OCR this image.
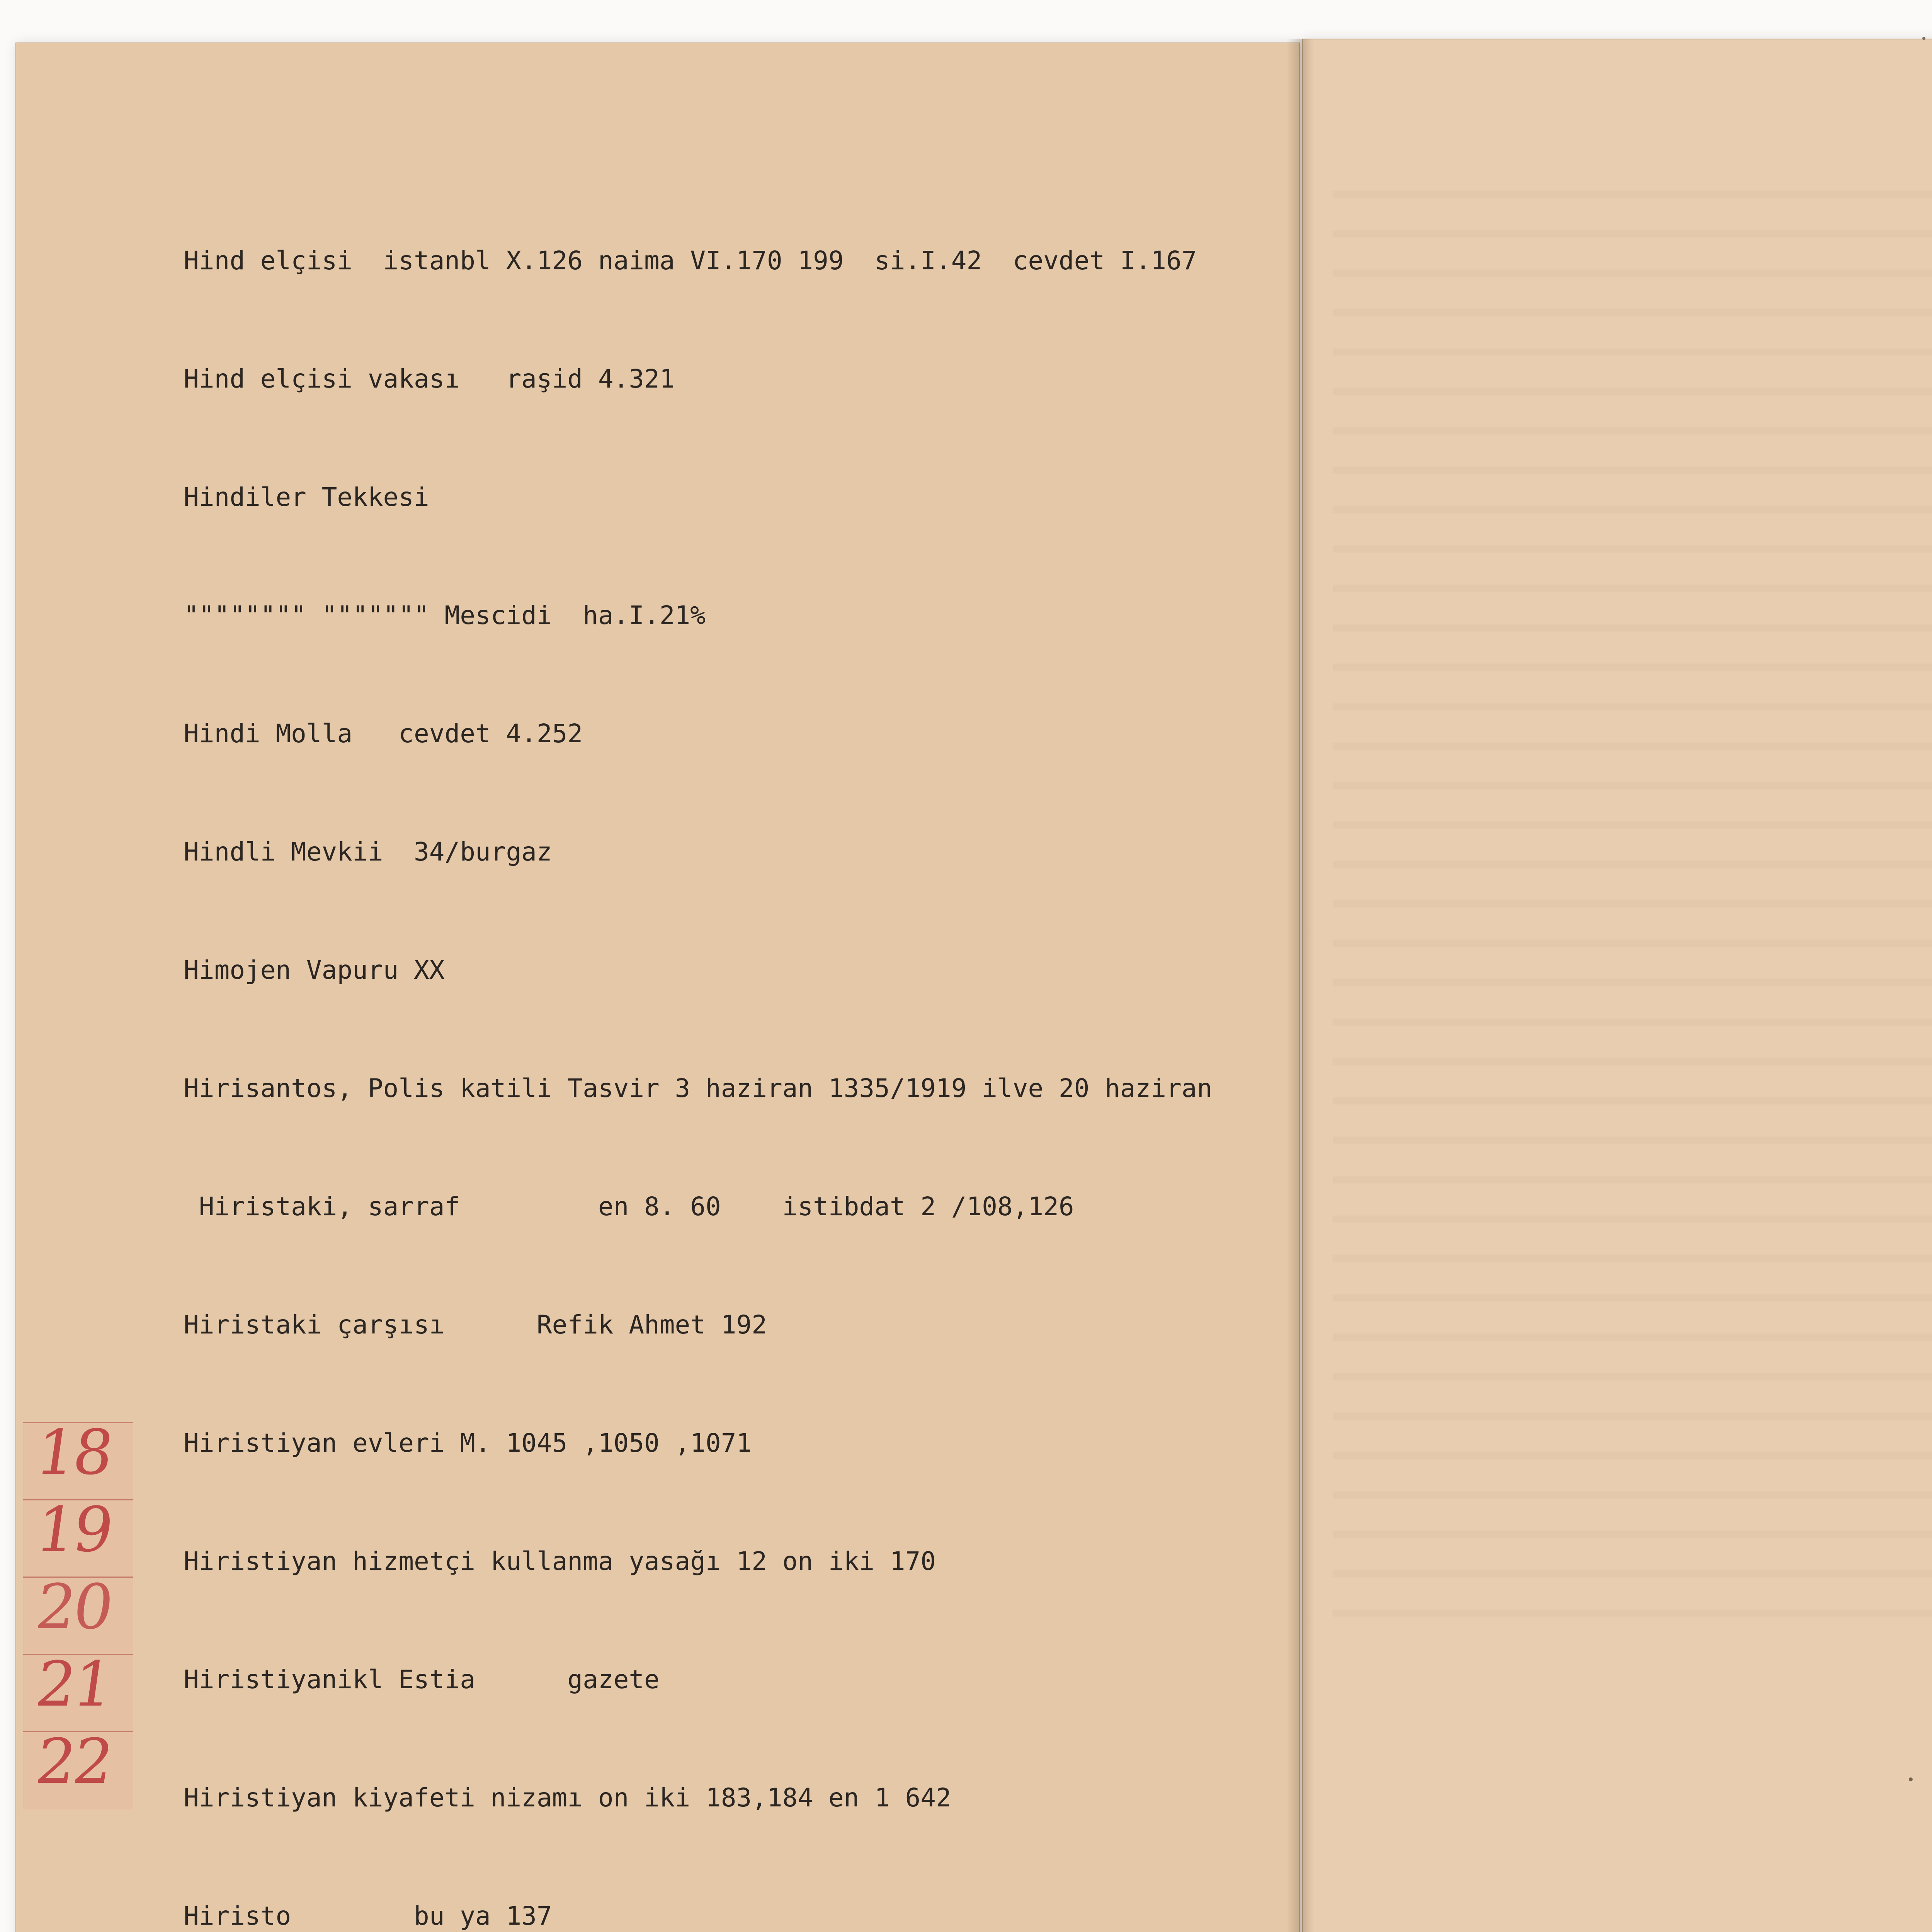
Hind elçisi  istanbl X.126 naima VI.170 199  si.I.42  cevdet I.167

Hind elçisi vakası   raşid 4.321

Hindiler Tekkesi

"""""""" """"""" Mescidi  ha.I.21%

Hindi Molla   cevdet 4.252

Hindli Mevkii  34/burgaz

Himojen Vapuru XX

Hirisantos, Polis katili Tasvir 3 haziran 1335/1919 ilve 20 haziran

Hiristaki, sarraf         en 8. 60    istibdat 2 /108,126

Hiristaki çarşısı      Refik Ahmet 192

Hiristiyan evleri M. 1045 ,1050 ,1071

Hiristiyan hizmetçi kullanma yasağı 12 on iki 170

Hiristiyanikl Estia      gazete

Hiristiyan kiyafeti nizamı on iki 183,184 en 1 642

Hiristo        bu ya 137

18
19
20
21
22
